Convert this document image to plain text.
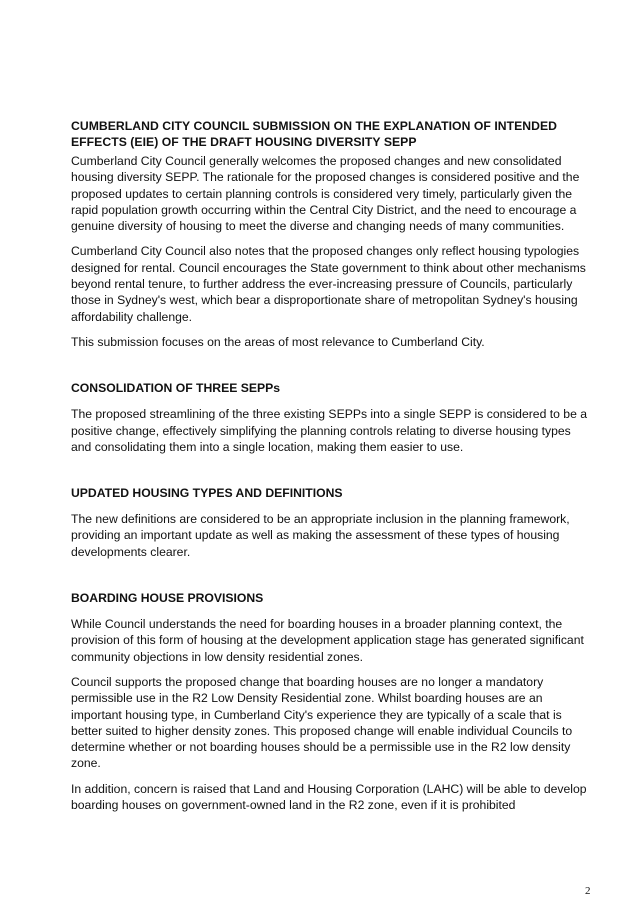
CUMBERLAND CITY COUNCIL SUBMISSION ON THE EXPLANATION OF INTENDED EFFECTS (EIE) OF THE DRAFT HOUSING DIVERSITY SEPP

Cumberland City Council generally welcomes the proposed changes and new consolidated housing diversity SEPP. The rationale for the proposed changes is considered positive and the proposed updates to certain planning controls is considered very timely, particularly given the rapid population growth occurring within the Central City District, and the need to encourage a genuine diversity of housing to meet the diverse and changing needs of many communities.

Cumberland City Council also notes that the proposed changes only reflect housing typologies designed for rental. Council encourages the State government to think about other mechanisms beyond rental tenure, to further address the ever-increasing pressure of Councils, particularly those in Sydney's west, which bear a disproportionate share of metropolitan Sydney's housing affordability challenge.

This submission focuses on the areas of most relevance to Cumberland City.

CONSOLIDATION OF THREE SEPPs

The proposed streamlining of the three existing SEPPs into a single SEPP is considered to be a positive change, effectively simplifying the planning controls relating to diverse housing types and consolidating them into a single location, making them easier to use.

UPDATED HOUSING TYPES AND DEFINITIONS

The new definitions are considered to be an appropriate inclusion in the planning framework, providing an important update as well as making the assessment of these types of housing developments clearer.

BOARDING HOUSE PROVISIONS

While Council understands the need for boarding houses in a broader planning context, the provision of this form of housing at the development application stage has generated significant community objections in low density residential zones.

Council supports the proposed change that boarding houses are no longer a mandatory permissible use in the R2 Low Density Residential zone. Whilst boarding houses are an important housing type, in Cumberland City's experience they are typically of a scale that is better suited to higher density zones. This proposed change will enable individual Councils to determine whether or not boarding houses should be a permissible use in the R2 low density zone.

In addition, concern is raised that Land and Housing Corporation (LAHC) will be able to develop boarding houses on government-owned land in the R2 zone, even if it is prohibited

2
